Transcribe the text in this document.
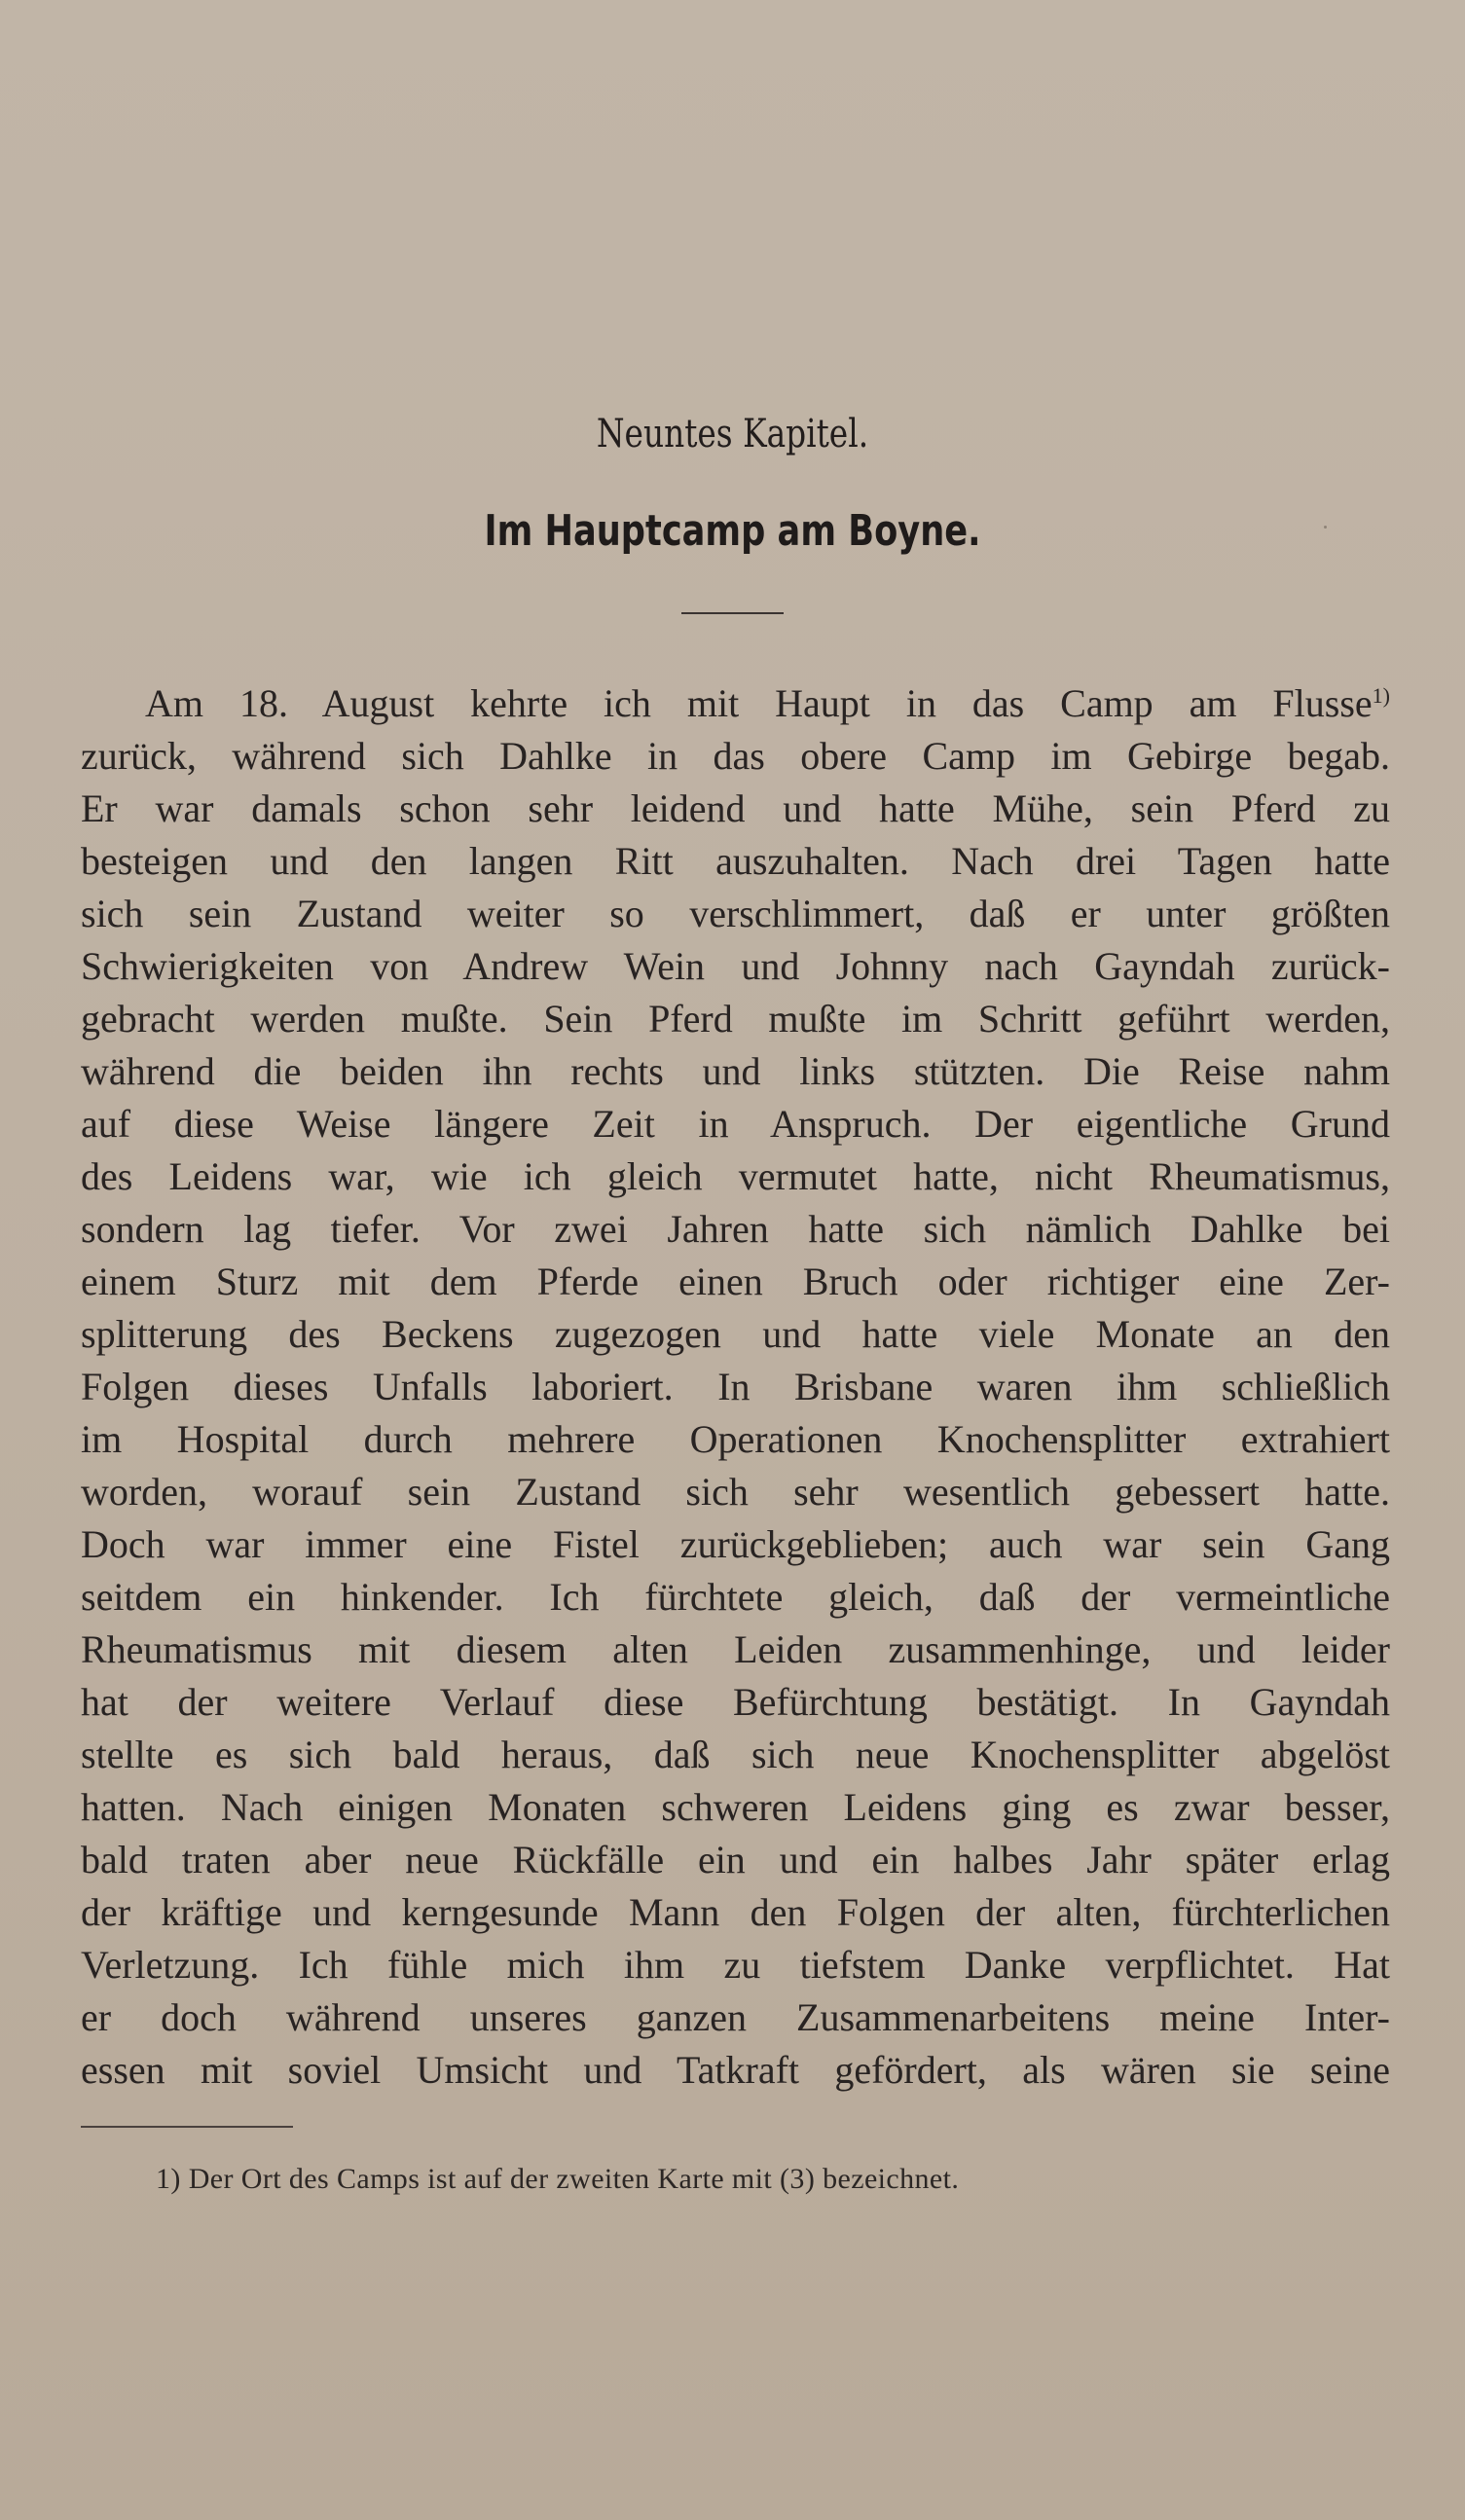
Neuntes Kapitel.
Im Hauptcamp am Boyne.
Am 18. August kehrte ich mit Haupt in das Camp am Flusse$^{1)}$
zurück, während sich Dahlke in das obere Camp im Gebirge begab.
Er war damals schon sehr leidend und hatte Mühe, sein Pferd zu
besteigen und den langen Ritt auszuhalten. Nach drei Tagen hatte
sich sein Zustand weiter so verschlimmert, daß er unter größten
Schwierigkeiten von Andrew Wein und Johnny nach Gayndah zurück-
gebracht werden mußte. Sein Pferd mußte im Schritt geführt werden,
während die beiden ihn rechts und links stützten. Die Reise nahm
auf diese Weise längere Zeit in Anspruch. Der eigentliche Grund
des Leidens war, wie ich gleich vermutet hatte, nicht Rheumatismus,
sondern lag tiefer. Vor zwei Jahren hatte sich nämlich Dahlke bei
einem Sturz mit dem Pferde einen Bruch oder richtiger eine Zer-
splitterung des Beckens zugezogen und hatte viele Monate an den
Folgen dieses Unfalls laboriert. In Brisbane waren ihm schließlich
im Hospital durch mehrere Operationen Knochensplitter extrahiert
worden, worauf sein Zustand sich sehr wesentlich gebessert hatte.
Doch war immer eine Fistel zurückgeblieben; auch war sein Gang
seitdem ein hinkender. Ich fürchtete gleich, daß der vermeintliche
Rheumatismus mit diesem alten Leiden zusammenhinge, und leider
hat der weitere Verlauf diese Befürchtung bestätigt. In Gayndah
stellte es sich bald heraus, daß sich neue Knochensplitter abgelöst
hatten. Nach einigen Monaten schweren Leidens ging es zwar besser,
bald traten aber neue Rückfälle ein und ein halbes Jahr später erlag
der kräftige und kerngesunde Mann den Folgen der alten, fürchterlichen
Verletzung. Ich fühle mich ihm zu tiefstem Danke verpflichtet. Hat
er doch während unseres ganzen Zusammenarbeitens meine Inter-
essen mit soviel Umsicht und Tatkraft gefördert, als wären sie seine
1) Der Ort des Camps ist auf der zweiten Karte mit (3) bezeichnet.
